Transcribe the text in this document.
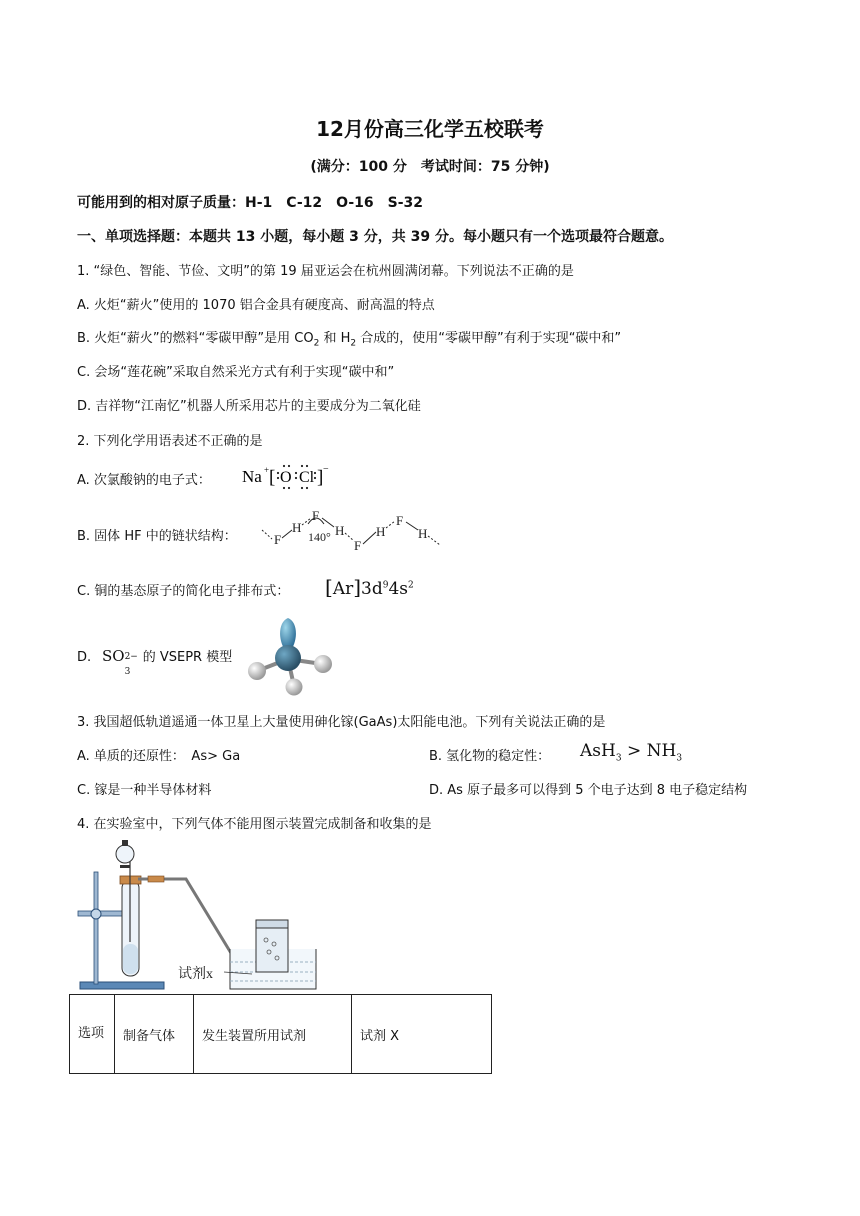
12月份高三化学五校联考
(满分：100 分　考试时间：75 分钟)
可能用到的相对原子质量：H-1　C-12　O-16　S-32
一、单项选择题：本题共 13 小题，每小题 3 分，共 39 分。每小题只有一个选项最符合题意。
1. “绿色、智能、节俭、文明”的第 19 届亚运会在杭州圆满闭幕。下列说法不正确的是
A. 火炬“薪火”使用的 1070 铝合金具有硬度高、耐高温的特点
B. 火炬“薪火”的燃料“零碳甲醇”是用 $CO_2$ 和 $H_2$ 合成的，使用“零碳甲醇”有利于实现“碳中和”
C. 会场“莲花碗”采取自然采光方式有利于实现“碳中和”
D. 吉祥物“江南忆”机器人所采用芯片的主要成分为二氧化硅
2. 下列化学用语表述不正确的是
A. 次氯酸钠的电子式： Na + [ O Cl ] −
B. 固体 HF 中的链状结构：	F
H
F
H
F
H
F
H
140°
C. 铜的基态原子的简化电子排布式： $[Ar]3d^94s^2$
D. SO 2−
3
的 VSEPR 模型
3. 我国超低轨道遥通一体卫星上大量使用砷化镓(GaAs)太阳能电池。下列有关说法正确的是
A. 单质的还原性：　As> Ga	B. 氢化物的稳定性： $AsH_3 > NH_3$
C. 镓是一种半导体材料	D. As 原子最多可以得到 5 个电子达到 8 电子稳定结构
4. 在实验室中，下列气体不能用图示装置完成制备和收集的是
试剂x
选项	制备气体	发生装置所用试剂	试剂 X
